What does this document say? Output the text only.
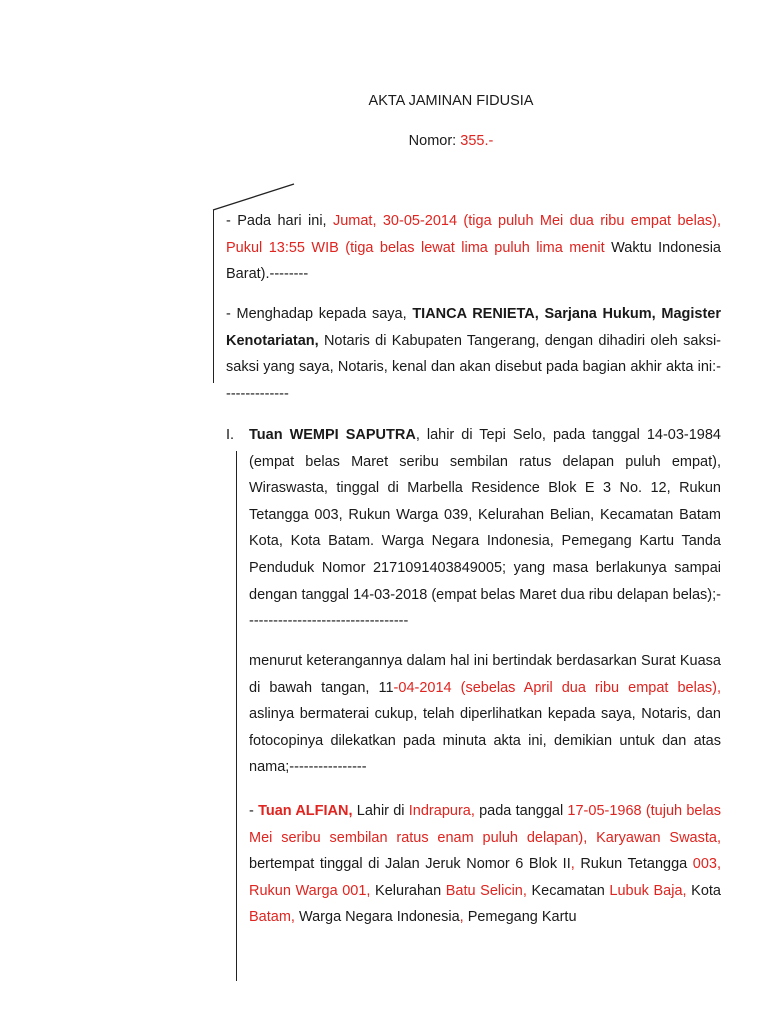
AKTA JAMINAN FIDUSIA
Nomor: 355.-

- Pada hari ini, Jumat, 30-05-2014 (tiga puluh Mei dua ribu empat belas), Pukul 13:55 WIB (tiga belas lewat lima puluh lima menit Waktu Indonesia Barat).--------

- Menghadap kepada saya, TIANCA RENIETA, Sarjana Hukum, Magister Kenotariatan, Notaris di Kabupaten Tangerang, dengan dihadiri oleh saksi-saksi yang saya, Notaris, kenal dan akan disebut pada bagian akhir akta ini:--------------

I. Tuan WEMPI SAPUTRA, lahir di Tepi Selo, pada tanggal 14-03-1984 (empat belas Maret seribu sembilan ratus delapan puluh empat), Wiraswasta, tinggal di Marbella Residence Blok E 3 No. 12, Rukun Tetangga 003, Rukun Warga 039, Kelurahan Belian, Kecamatan Batam Kota, Kota Batam. Warga Negara Indonesia, Pemegang Kartu Tanda Penduduk Nomor 2171091403849005; yang masa berlakunya sampai dengan tanggal 14-03-2018 (empat belas Maret dua ribu delapan belas);----------------------------------

menurut keterangannya dalam hal ini bertindak berdasarkan Surat Kuasa di bawah tangan, 11-04-2014 (sebelas April dua ribu empat belas), aslinya bermaterai cukup, telah diperlihatkan kepada saya, Notaris, dan fotocopinya dilekatkan pada minuta akta ini, demikian untuk dan atas nama;----------------

- Tuan ALFIAN, Lahir di Indrapura, pada tanggal 17-05-1968 (tujuh belas Mei seribu sembilan ratus enam puluh delapan), Karyawan Swasta, bertempat tinggal di Jalan Jeruk Nomor 6 Blok II, Rukun Tetangga 003, Rukun Warga 001, Kelurahan Batu Selicin, Kecamatan Lubuk Baja, Kota Batam, Warga Negara Indonesia, Pemegang Kartu
